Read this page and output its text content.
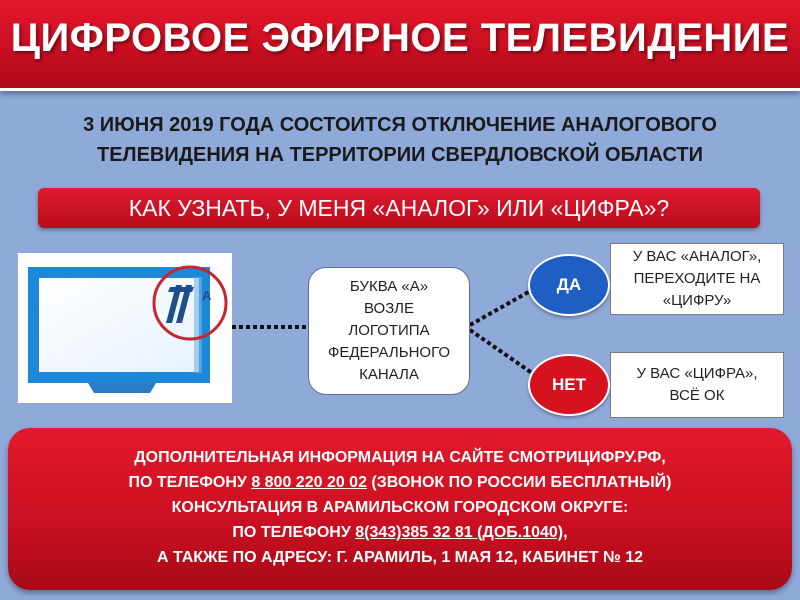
ЦИФРОВОЕ ЭФИРНОЕ ТЕЛЕВИДЕНИЕ
3 ИЮНЯ 2019 ГОДА СОСТОИТСЯ ОТКЛЮЧЕНИЕ АНАЛОГОВОГО
ТЕЛЕВИДЕНИЯ НА ТЕРРИТОРИИ СВЕРДЛОВСКОЙ ОБЛАСТИ
КАК УЗНАТЬ, У МЕНЯ «АНАЛОГ» ИЛИ «ЦИФРА»?
А
БУКВА «А»
ВОЗЛЕ
ЛОГОТИПА
ФЕДЕРАЛЬНОГО
КАНАЛА
ДА
НЕТ
У ВАС «АНАЛОГ»,
ПЕРЕХОДИТЕ НА
«ЦИФРУ»
У ВАС «ЦИФРА»,
ВСЁ ОК
ДОПОЛНИТЕЛЬНАЯ ИНФОРМАЦИЯ НА САЙТЕ СМОТРИЦИФРУ.РФ,
ПО ТЕЛЕФОНУ 8 800 220 20 02 (ЗВОНОК ПО РОССИИ БЕСПЛАТНЫЙ)
КОНСУЛЬТАЦИЯ В АРАМИЛЬСКОМ ГОРОДСКОМ ОКРУГЕ:
ПО ТЕЛЕФОНУ 8(343)385 32 81 (ДОБ.1040),
А ТАКЖЕ ПО АДРЕСУ: Г. АРАМИЛЬ, 1 МАЯ 12, КАБИНЕТ № 12
